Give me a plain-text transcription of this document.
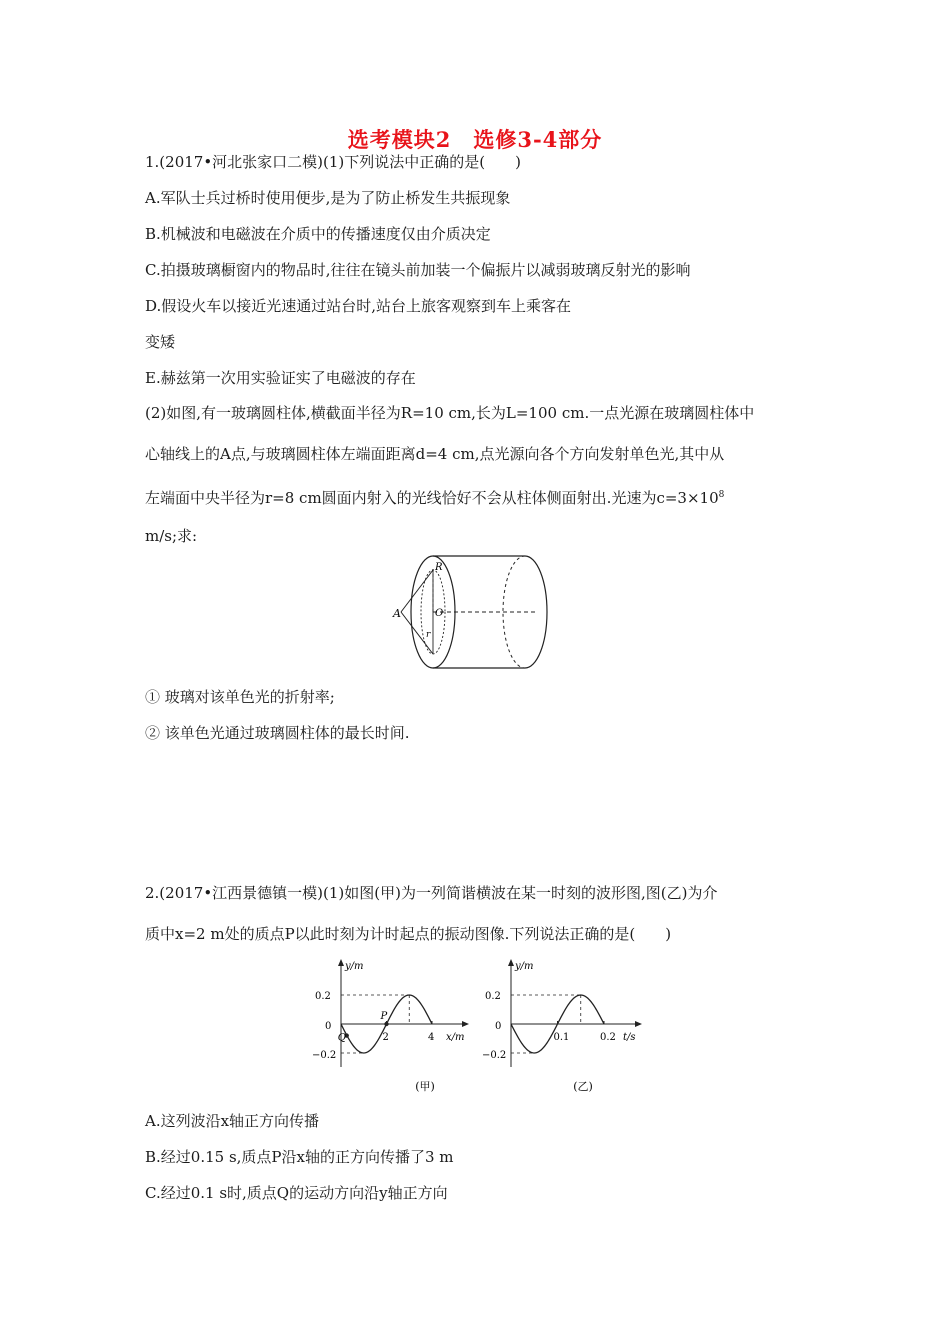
选考模块2　选修3-4部分
1.(2017•河北张家口二模)(1)下列说法中正确的是(　　)
A.军队士兵过桥时使用便步,是为了防止桥发生共振现象
B.机械波和电磁波在介质中的传播速度仅由介质决定
C.拍摄玻璃橱窗内的物品时,往往在镜头前加装一个偏振片以减弱玻璃反射光的影响
D.假设火车以接近光速通过站台时,站台上旅客观察到车上乘客在
变矮
E.赫兹第一次用实验证实了电磁波的存在
(2)如图,有一玻璃圆柱体,横截面半径为R=10 cm,长为L=100 cm.一点光源在玻璃圆柱体中
心轴线上的A点,与玻璃圆柱体左端面距离d=4 cm,点光源向各个方向发射单色光,其中从
左端面中央半径为r=8 cm圆面内射入的光线恰好不会从柱体侧面射出.光速为$c=3\times 10^8$
m/s;求:
A
R
O
r
① 玻璃对该单色光的折射率;
② 该单色光通过玻璃圆柱体的最长时间.
2.(2017•江西景德镇一模)(1)如图(甲)为一列简谐横波在某一时刻的波形图,图(乙)为介
质中x=2 m处的质点P以此时刻为计时起点的振动图像.下列说法正确的是(　　)
y/m
x/m
0.2
0
−0.2
(甲)
2	4
P
Q
y/m
t/s
0.2
0
−0.2
(乙)
0.1	0.2
A.这列波沿x轴正方向传播
B.经过0.15 s,质点P沿x轴的正方向传播了3 m
C.经过0.1 s时,质点Q的运动方向沿y轴正方向
